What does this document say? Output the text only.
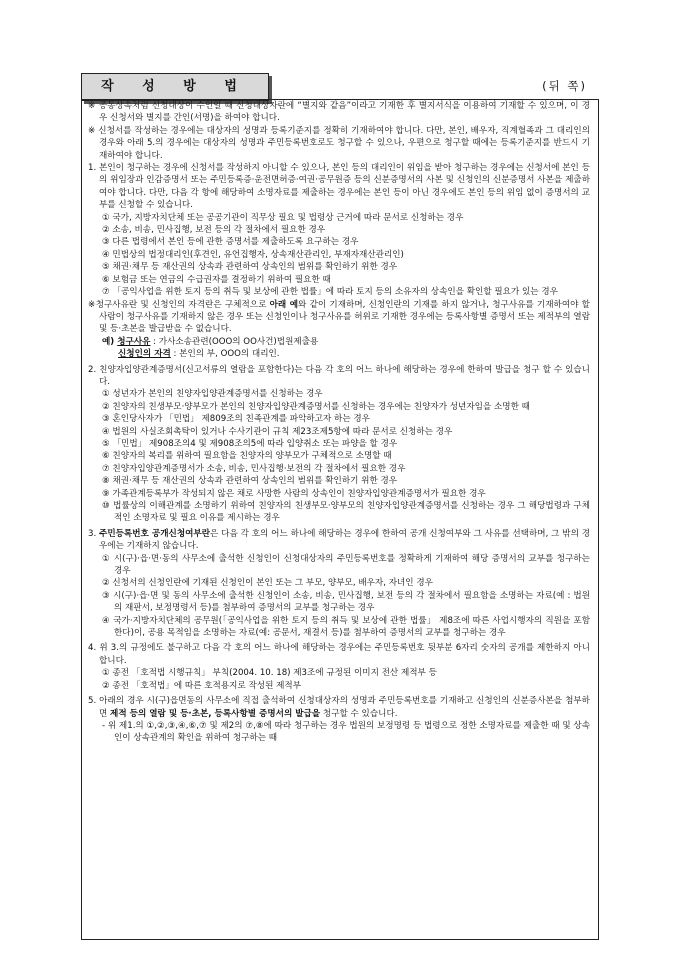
작 성 방 법	(뒤 쪽)

※ 공동상속처럼 신청대상이 수인일 때 신청대상자란에 “별지와 같음”이라고 기재한 후 별지서식을 이용하여 기재할 수 있으며, 이 경우 신청서와 별지를 간인(서명)을 하여야 합니다.

※ 신청서를 작성하는 경우에는 대상자의 성명과 등록기준지를 정확히 기재하여야 합니다. 다만, 본인, 배우자, 직계혈족과 그 대리인의 경우와 아래 5.의 경우에는 대상자의 성명과 주민등록번호로도 청구할 수 있으나, 우편으로 청구할 때에는 등록기준지를 반드시 기재하여야 합니다.

1. 본인이 청구하는 경우에 신청서를 작성하지 아니할 수 있으나, 본인 등의 대리인이 위임을 받아 청구하는 경우에는 신청서에 본인 등의 위임장과 인감증명서 또는 주민등록증·운전면허증·여권·공무원증 등의 신분증명서의 사본 및 신청인의 신분증명서 사본을 제출하여야 합니다. 다만, 다음 각 항에 해당하여 소명자료를 제출하는 경우에는 본인 등이 아닌 경우에도 본인 등의 위임 없이 증명서의 교부를 신청할 수 있습니다.

① 국가, 지방자치단체 또는 공공기관이 직무상 필요 및 법령상 근거에 따라 문서로 신청하는 경우

② 소송, 비송, 민사집행, 보전 등의 각 절차에서 필요한 경우

③ 다른 법령에서 본인 등에 관한 증명서를 제출하도록 요구하는 경우

④ 민법상의 법정대리인(후견인, 유언집행자, 상속재산관리인, 부재자재산관리인)

⑤ 채권·채무 등 재산권의 상속과 관련하여 상속인의 범위를 확인하기 위한 경우

⑥ 보험금 또는 연금의 수급권자를 결정하기 위하여 필요한 때

⑦ 「공익사업을 위한 토지 등의 취득 및 보상에 관한 법률」에 따라 토지 등의 소유자의 상속인을 확인할 필요가 있는 경우

※청구사유란 및 신청인의 자격란은 구체적으로 아래 예와 같이 기재하며, 신청인란의 기재를 하지 않거나, 청구사유를 기재하여야 할 사람이 청구사유를 기재하지 않은 경우 또는 신청인이나 청구사유를 허위로 기재한 경우에는 등록사항별 증명서 또는 제적부의 열람 및 등·초본을 발급받을 수 없습니다.

예) 청구사유 : 가사소송관련(OOO의 OO사건)법원제출용

신청인의 자격 : 본인의 부, OOO의 대리인.

2. 친양자입양관계증명서(신고서류의 열람을 포함한다)는 다음 각 호의 어느 하나에 해당하는 경우에 한하여 발급을 청구 할 수 있습니다.

① 성년자가 본인의 친양자입양관계증명서를 신청하는 경우

② 친양자의 친생부모·양부모가 본인의 친양자입양관계증명서를 신청하는 경우에는 친양자가 성년자임을 소명한 때

③ 혼인당사자가 「민법」 제809조의 친족관계를 파악하고자 하는 경우

④ 법원의 사실조회촉탁이 있거나 수사기관이 규칙 제23조제5항에 따라 문서로 신청하는 경우

⑤ 「민법」 제908조의4 및 제908조의5에 따라 입양취소 또는 파양을 할 경우

⑥ 친양자의 복리를 위하여 필요함을 친양자의 양부모가 구체적으로 소명할 때

⑦ 친양자입양관계증명서가 소송, 비송, 민사집행·보전의 각 절차에서 필요한 경우

⑧ 채권·채무 등 재산권의 상속과 관련하여 상속인의 범위를 확인하기 위한 경우

⑨ 가족관계등록부가 작성되지 않은 채로 사망한 사람의 상속인이 친양자입양관계증명서가 필요한 경우

⑩ 법률상의 이해관계를 소명하기 위하여 친양자의 친생부모·양부모의 친양자입양관계증명서를 신청하는 경우 그 해당법령과 구체적인 소명자료 및 필요 이유를 제시하는 경우

3. 주민등록번호 공개신청여부란은 다음 각 호의 어느 하나에 해당하는 경우에 한하여 공개 신청여부와 그 사유를 선택하며, 그 밖의 경우에는 기재하지 않습니다.

① 시(구)·읍·면·동의 사무소에 출석한 신청인이 신청대상자의 주민등록번호를 정확하게 기재하여 해당 증명서의 교부를 청구하는 경우

② 신청서의 신청인란에 기재된 신청인이 본인 또는 그 부모, 양부모, 배우자, 자녀인 경우

③ 시(구)·읍·면 및 동의 사무소에 출석한 신청인이 소송, 비송, 민사집행, 보전 등의 각 절차에서 필요함을 소명하는 자료(예 : 법원의 재판서, 보정명령서 등)를 첨부하여 증명서의 교부를 청구하는 경우

④ 국가·지방자치단체의 공무원(「공익사업을 위한 토지 등의 취득 및 보상에 관한 법률」 제8조에 따른 사업시행자의 직원을 포함한다)이, 공용 목적임을 소명하는 자료(예: 공문서, 재결서 등)를 첨부하여 증명서의 교부를 청구하는 경우

4. 위 3.의 규정에도 불구하고 다음 각 호의 어느 하나에 해당하는 경우에는 주민등록번호 뒷부분 6자리 숫자의 공개를 제한하지 아니합니다.

① 종전 「호적법 시행규칙」 부칙(2004. 10. 18) 제3조에 규정된 이미지 전산 제적부 등

② 종전 「호적법」에 따른 호적용지로 작성된 제적부

5. 아래의 경우 시(구)읍면동의 사무소에 직접 출석하여 신청대상자의 성명과 주민등록번호를 기재하고 신청인의 신분증사본을 첨부하면 제적 등의 열람 및 등·초본, 등록사항별 증명서의 발급을 청구할 수 있습니다.

- 위 제1.의 ①,②,③,④,⑥,⑦ 및 제2의 ⑦,⑧에 따라 청구하는 경우 법원의 보정명령 등 법령으로 정한 소명자료를 제출한 때 및 상속인이 상속관계의 확인을 위하여 청구하는 때
